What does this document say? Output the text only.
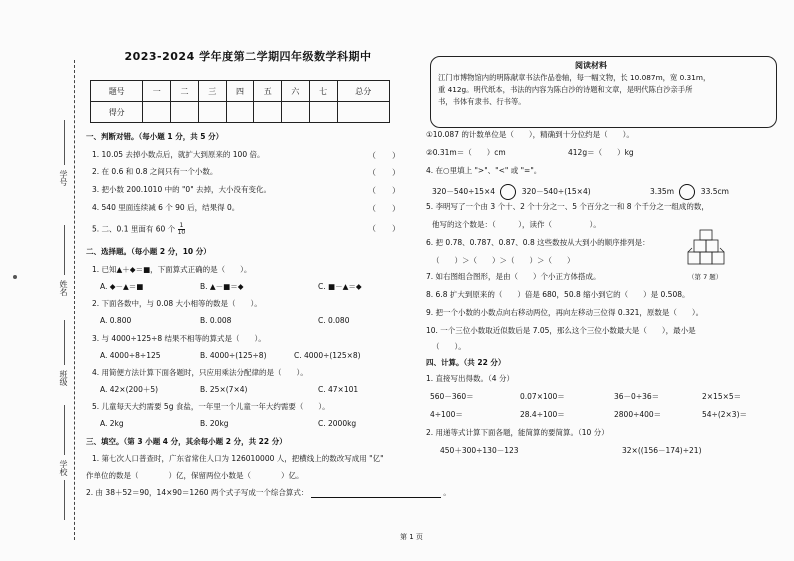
学号
姓名
班级
学校
2023-2024 学年度第二学期四年级数学科期中
题号	一	二	三	四	五	六	七	总分
得分								
一、判断对错。（每小题 1 分，共 5 分）
1. 10.05 去掉小数点后，就扩大到原来的 100 倍。	（　　）
2. 在 0.6 和 0.8 之间只有一个小数。	（　　）
3. 把小数 200.1010 中的 "0" 去掉，大小没有变化。	（　　）
4. 540 里面连续减 6 个 90 后，结果得 0。	（　　）
5. 二、0.1 里面有 60 个 $\frac{1}{10}$	（　　）
二、选择题。（每小题 2 分，10 分）
1. 已知▲＋◆＝■，下面算式正确的是（　　）。
A. ◆－▲＝■	B. ▲－■＝◆	C. ■－▲＝◆
2. 下面各数中，与 0.08 大小相等的数是（　　）。
A. 0.800	B. 0.008	C. 0.080
3. 与 4000÷125÷8 结果不相等的算式是（　　）。
A. 4000÷8÷125	B. 4000÷(125÷8)	C. 4000÷(125×8)
4. 用简便方法计算下面各题时，只应用乘法分配律的是（　　）。
A. 42×(200＋5)	B. 25×(7×4)	C. 47×101
5. 儿童每天大约需要 5g 食盐，一年里一个儿童一年大约需要（　　）。
A. 2kg	B. 20kg	C. 2000kg
三、填空。（第 3 小题 4 分，其余每小题 2 分，共 22 分）
1. 第七次人口普查时，广东省常住人口为 126010000 人，把横线上的数改写成用 "亿"
作单位的数是（　　　　）亿，保留两位小数是（　　　　）亿。
2. 由 38＋52＝90，14×90＝1260 两个式子写成一个综合算式：	。
阅读材料
江门市博物馆内的明陈献章书法作品卷轴，每一幅文物，长 10.087m，宽 0.31m，
重 412g。明代纸本，书法的内容为陈白沙的诗题和文章，是明代陈白沙亲手所
书，书体有隶书、行书等。
①10.087 的计数单位是（　　），精确到十分位约是（　　）。
②0.31m＝（　　）cm	412g＝（　　）kg
4. 在○里填上 ">"、"<" 或 "="。
320－540÷15×4	320－540÷(15×4)	3.35m	33.5cm
5. 李明写了一个由 3 个十、2 个十分之一、5 个百分之一和 8 个千分之一组成的数，
他写的这个数是：（　　　），读作（　　　　　）。
6. 把 0.78、0.787、0.87、0.8 这些数按从大到小的顺序排列是：
（　　）＞（　　）＞（　　）＞（　　）
（第 7 题）
7. 如右图组合图形，是由（　　）个小正方体搭成。
8. 6.8 扩大到原来的（　　）倍是 680，50.8 缩小到它的（　　）是 0.508。
9. 把一个小数的小数点向右移动两位，再向左移动三位得 0.321，原数是（　　）。
10. 一个三位小数取近似数后是 7.05，那么这个三位小数最大是（　　），最小是
（　　）。
四、计算。（共 22 分）
1. 直接写出得数。（4 分）
560－360＝	0.07×100＝	36－0÷36＝	2×15×5＝
4÷100＝	28.4÷100＝	2800÷400＝	54÷(2×3)＝
2. 用递等式计算下面各题，能简算的要简算。（10 分）
450＋300÷130－123	32×((156－174)÷21)
第 1 页
